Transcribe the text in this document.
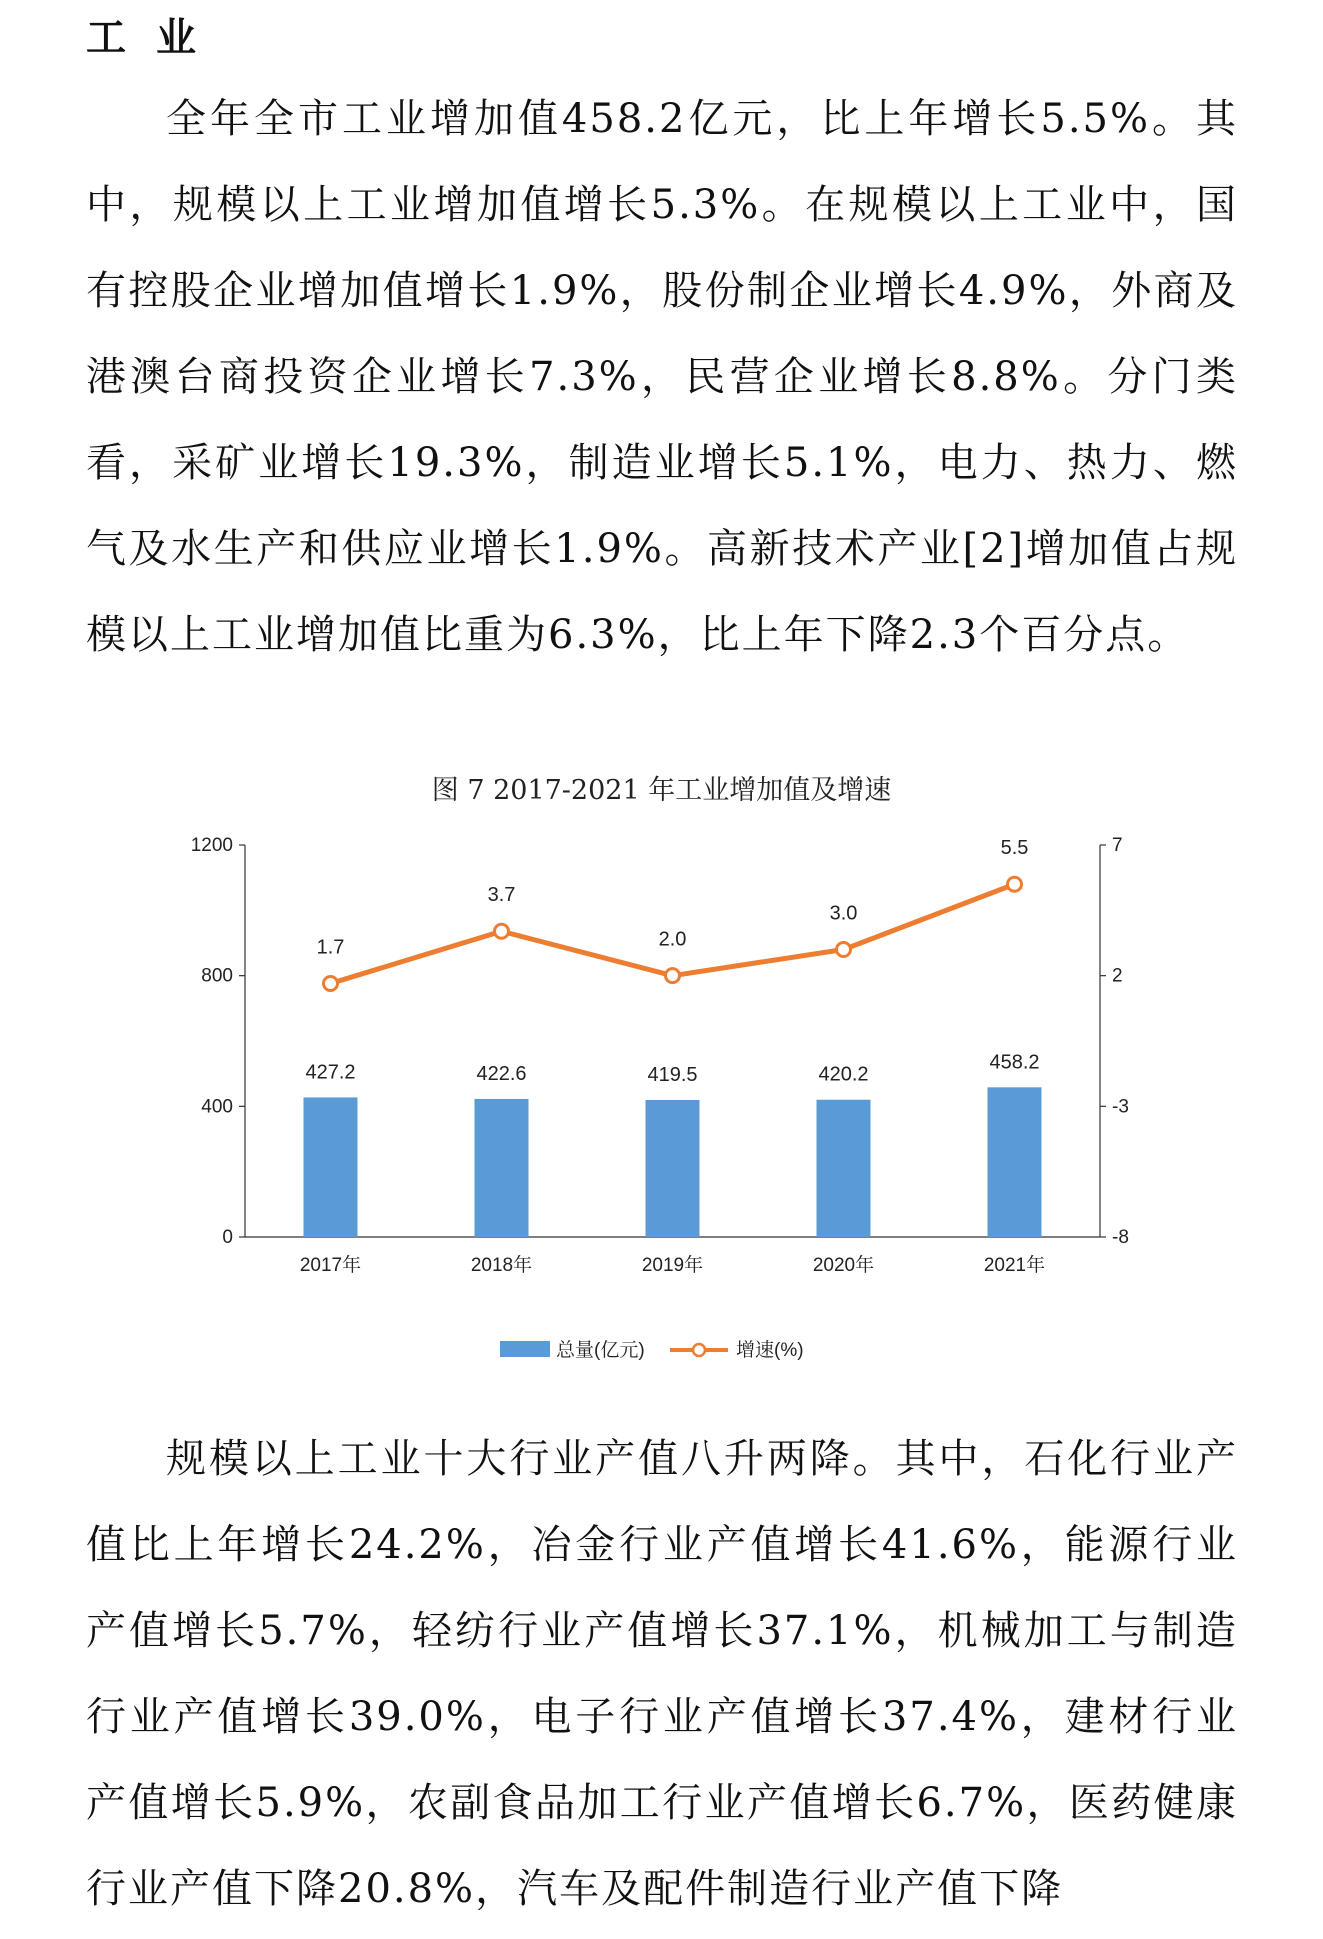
工业

全年全市工业增加值458.2亿元，比上年增长5.5%。其中，规模以上工业增加值增长5.3%。在规模以上工业中，国有控股企业增加值增长1.9%，股份制企业增长4.9%，外商及港澳台商投资企业增长7.3%，民营企业增长8.8%。分门类看，采矿业增长19.3%，制造业增长5.1%，电力、热力、燃气及水生产和供应业增长1.9%。高新技术产业[2]增加值占规模以上工业增加值比重为6.3%，比上年下降2.3个百分点。

图 7 2017-2021 年工业增加值及增速

0
400
800
1200
-8
-3
2
7
2017年	2018年	2019年	2020年	2021年
427.2	422.6	419.5	420.2
458.2
1.7
3.7
2.0
3.0
5.5
总量(亿元)	增速(%)

规模以上工业十大行业产值八升两降。其中，石化行业产值比上年增长24.2%，冶金行业产值增长41.6%，能源行业产值增长5.7%，轻纺行业产值增长37.1%，机械加工与制造行业产值增长39.0%，电子行业产值增长37.4%，建材行业产值增长5.9%，农副食品加工行业产值增长6.7%，医药健康行业产值下降20.8%，汽车及配件制造行业产值下降
